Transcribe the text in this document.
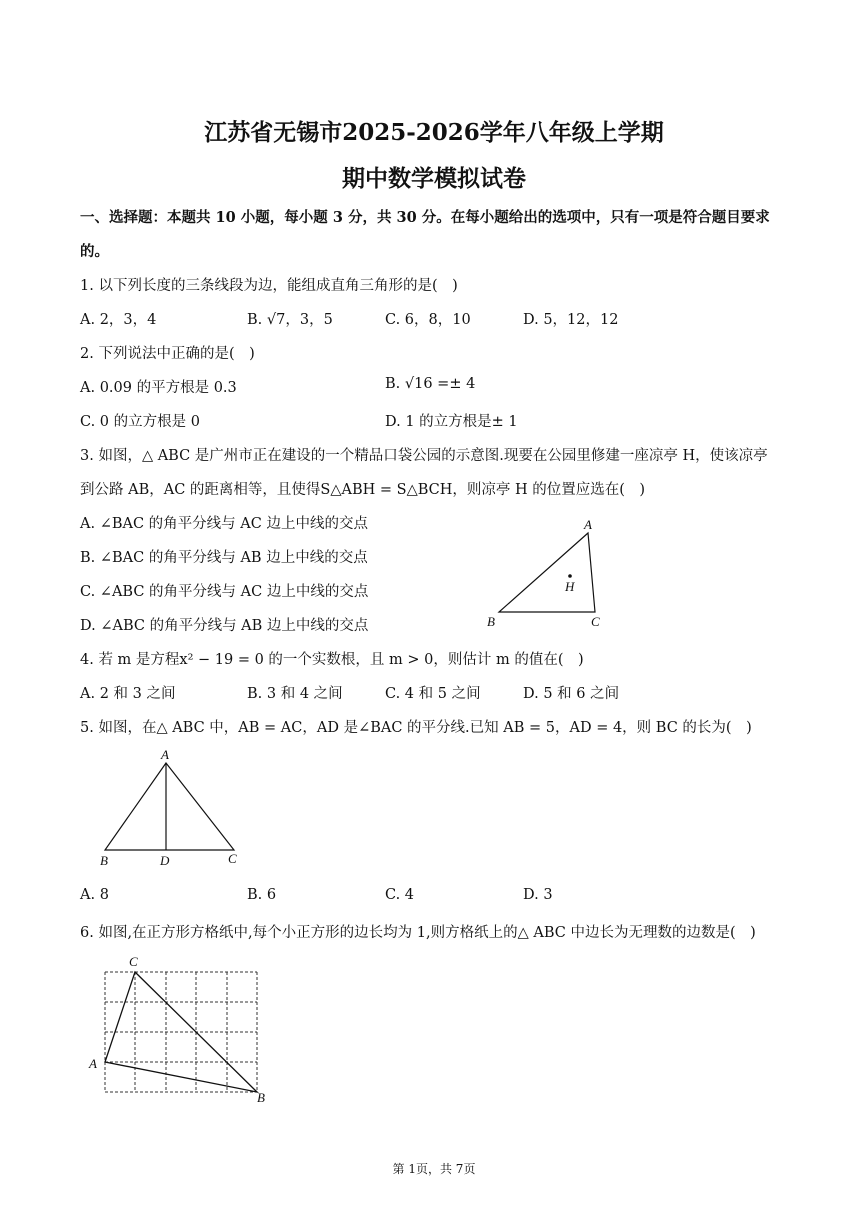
江苏省无锡市2025-2026学年八年级上学期
期中数学模拟试卷
一、选择题：本题共 10 小题，每小题 3 分，共 30 分。在每小题给出的选项中，只有一项是符合题目要求
的。
1. 以下列长度的三条线段为边，能组成直角三角形的是(　)
A. 2，3，4	B. √7，3，5	C. 6，8，10	D. 5，12，12
2. 下列说法中正确的是(　)
A. 0.09 的平方根是 0.3	B. √16 =± 4
C. 0 的立方根是 0	D. 1 的立方根是± 1
3. 如图，△ ABC 是广州市正在建设的一个精品口袋公园的示意图.现要在公园里修建一座凉亭 H，使该凉亭
到公路 AB，AC 的距离相等，且使得S△ABH = S△BCH，则凉亭 H 的位置应选在(　)
A. ∠BAC 的角平分线与 AC 边上中线的交点
B. ∠BAC 的角平分线与 AB 边上中线的交点
C. ∠ABC 的角平分线与 AC 边上中线的交点
D. ∠ABC 的角平分线与 AB 边上中线的交点
A
B	C
H
4. 若 m 是方程x² − 19 = 0 的一个实数根，且 m > 0，则估计 m 的值在(　)
A. 2 和 3 之间	B. 3 和 4 之间	C. 4 和 5 之间	D. 5 和 6 之间
5. 如图，在△ ABC 中，AB = AC，AD 是∠BAC 的平分线.已知 AB = 5，AD = 4，则 BC 的长为(　)
A
B	D	C
A. 8	B. 6	C. 4	D. 3
6. 如图,在正方形方格纸中,每个小正方形的边长均为 1,则方格纸上的△ ABC 中边长为无理数的边数是(　)
C
A
B
第 1页，共 7页
